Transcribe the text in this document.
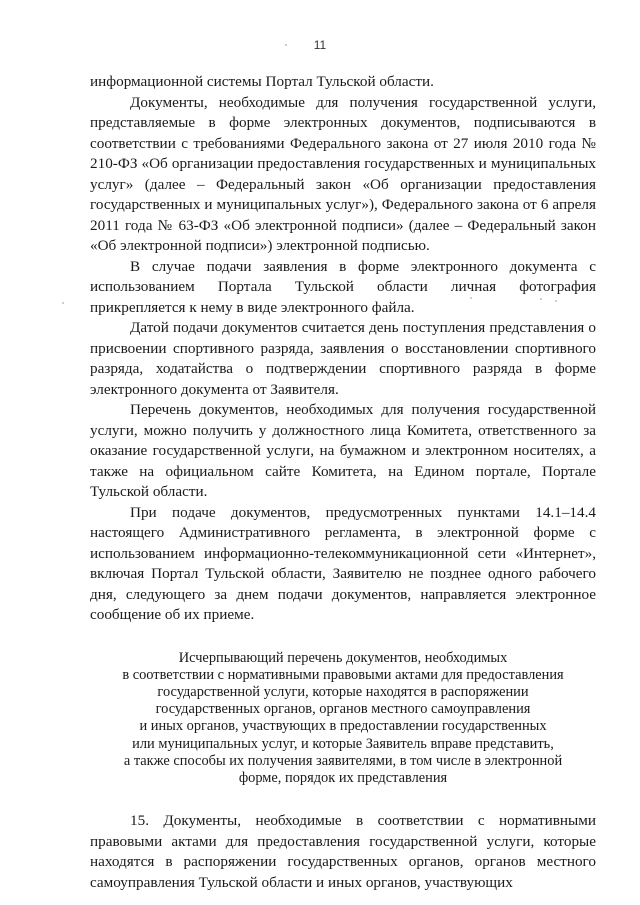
11

информационной системы Портал Тульской области.

Документы, необходимые для получения государственной услуги, представляемые в форме электронных документов, подписываются в соответствии с требованиями Федерального закона от 27 июля 2010 года № 210-ФЗ «Об организации предоставления государственных и муниципальных услуг» (далее – Федеральный закон «Об организации предоставления государственных и муниципальных услуг»), Федерального закона от 6 апреля 2011 года № 63-ФЗ «Об электронной подписи» (далее – Федеральный закон «Об электронной подписи») электронной подписью.

В случае подачи заявления в форме электронного документа с использованием Портала Тульской области личная фотография прикрепляется к нему в виде электронного файла.

Датой подачи документов считается день поступления представления о присвоении спортивного разряда, заявления о восстановлении спортивного разряда, ходатайства о подтверждении спортивного разряда в форме электронного документа от Заявителя.

Перечень документов, необходимых для получения государственной услуги, можно получить у должностного лица Комитета, ответственного за оказание государственной услуги, на бумажном и электронном носителях, а также на официальном сайте Комитета, на Едином портале, Портале Тульской области.

При подаче документов, предусмотренных пунктами 14.1–14.4 настоящего Административного регламента, в электронной форме с использованием информационно-телекоммуникационной сети «Интернет», включая Портал Тульской области, Заявителю не позднее одного рабочего дня, следующего за днем подачи документов, направляется электронное сообщение об их приеме.

Исчерпывающий перечень документов, необходимых
в соответствии с нормативными правовыми актами для предоставления
государственной услуги, которые находятся в распоряжении
государственных органов, органов местного самоуправления
и иных органов, участвующих в предоставлении государственных
или муниципальных услуг, и которые Заявитель вправе представить,
а также способы их получения заявителями, в том числе в электронной
форме, порядок их представления

15. Документы, необходимые в соответствии с нормативными правовыми актами для предоставления государственной услуги, которые находятся в распоряжении государственных органов, органов местного самоуправления Тульской области и иных органов, участвующих
